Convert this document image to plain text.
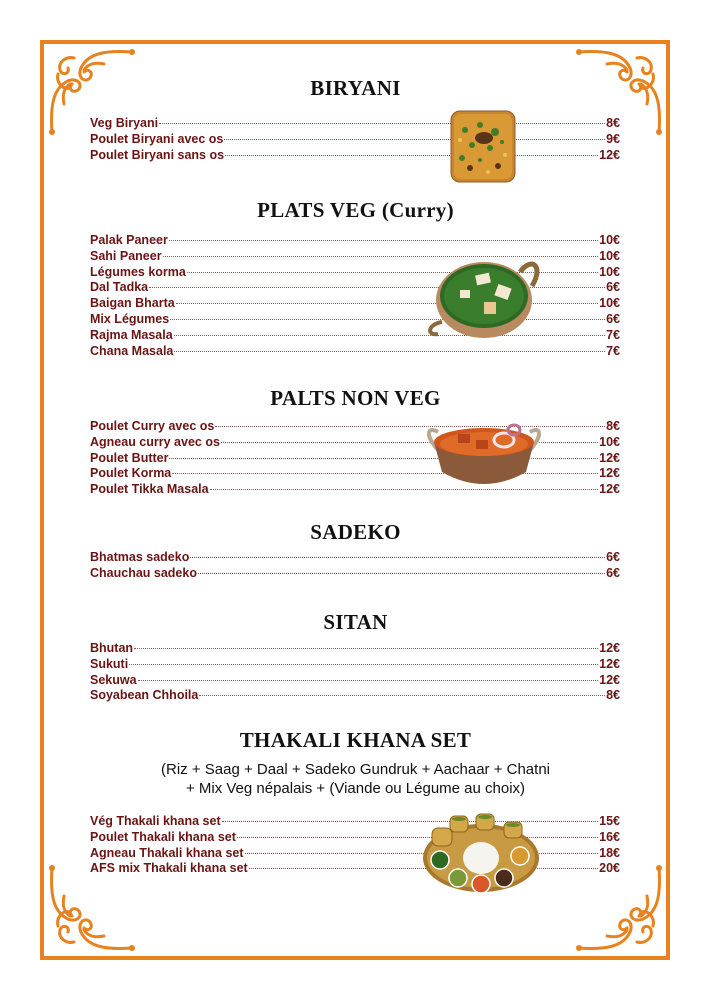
BIRYANI
Veg Biryani	8€
Poulet Biryani avec os	9€
Poulet Biryani sans os	12€
PLATS VEG (Curry)
Palak Paneer	10€
Sahi Paneer	10€
Légumes korma	10€
Dal Tadka	6€
Baigan Bharta	10€
Mix Légumes	6€
Rajma Masala	7€
Chana Masala	7€
PALTS NON VEG
Poulet Curry avec os	8€
Agneau curry avec os	10€
Poulet Butter	12€
Poulet Korma	12€
Poulet Tikka Masala	12€
SADEKO
Bhatmas sadeko	6€
Chauchau sadeko	6€
SITAN
Bhutan	12€
Sukuti	12€
Sekuwa	12€
Soyabean Chhoila	8€
THAKALI KHANA SET
(Riz + Saag + Daal + Sadeko Gundruk + Aachaar + Chatni
+ Mix Veg népalais + (Viande ou Légume au choix)
Vég Thakali khana set	15€
Poulet Thakali khana set	16€
Agneau Thakali khana set	18€
AFS mix Thakali khana set	20€
